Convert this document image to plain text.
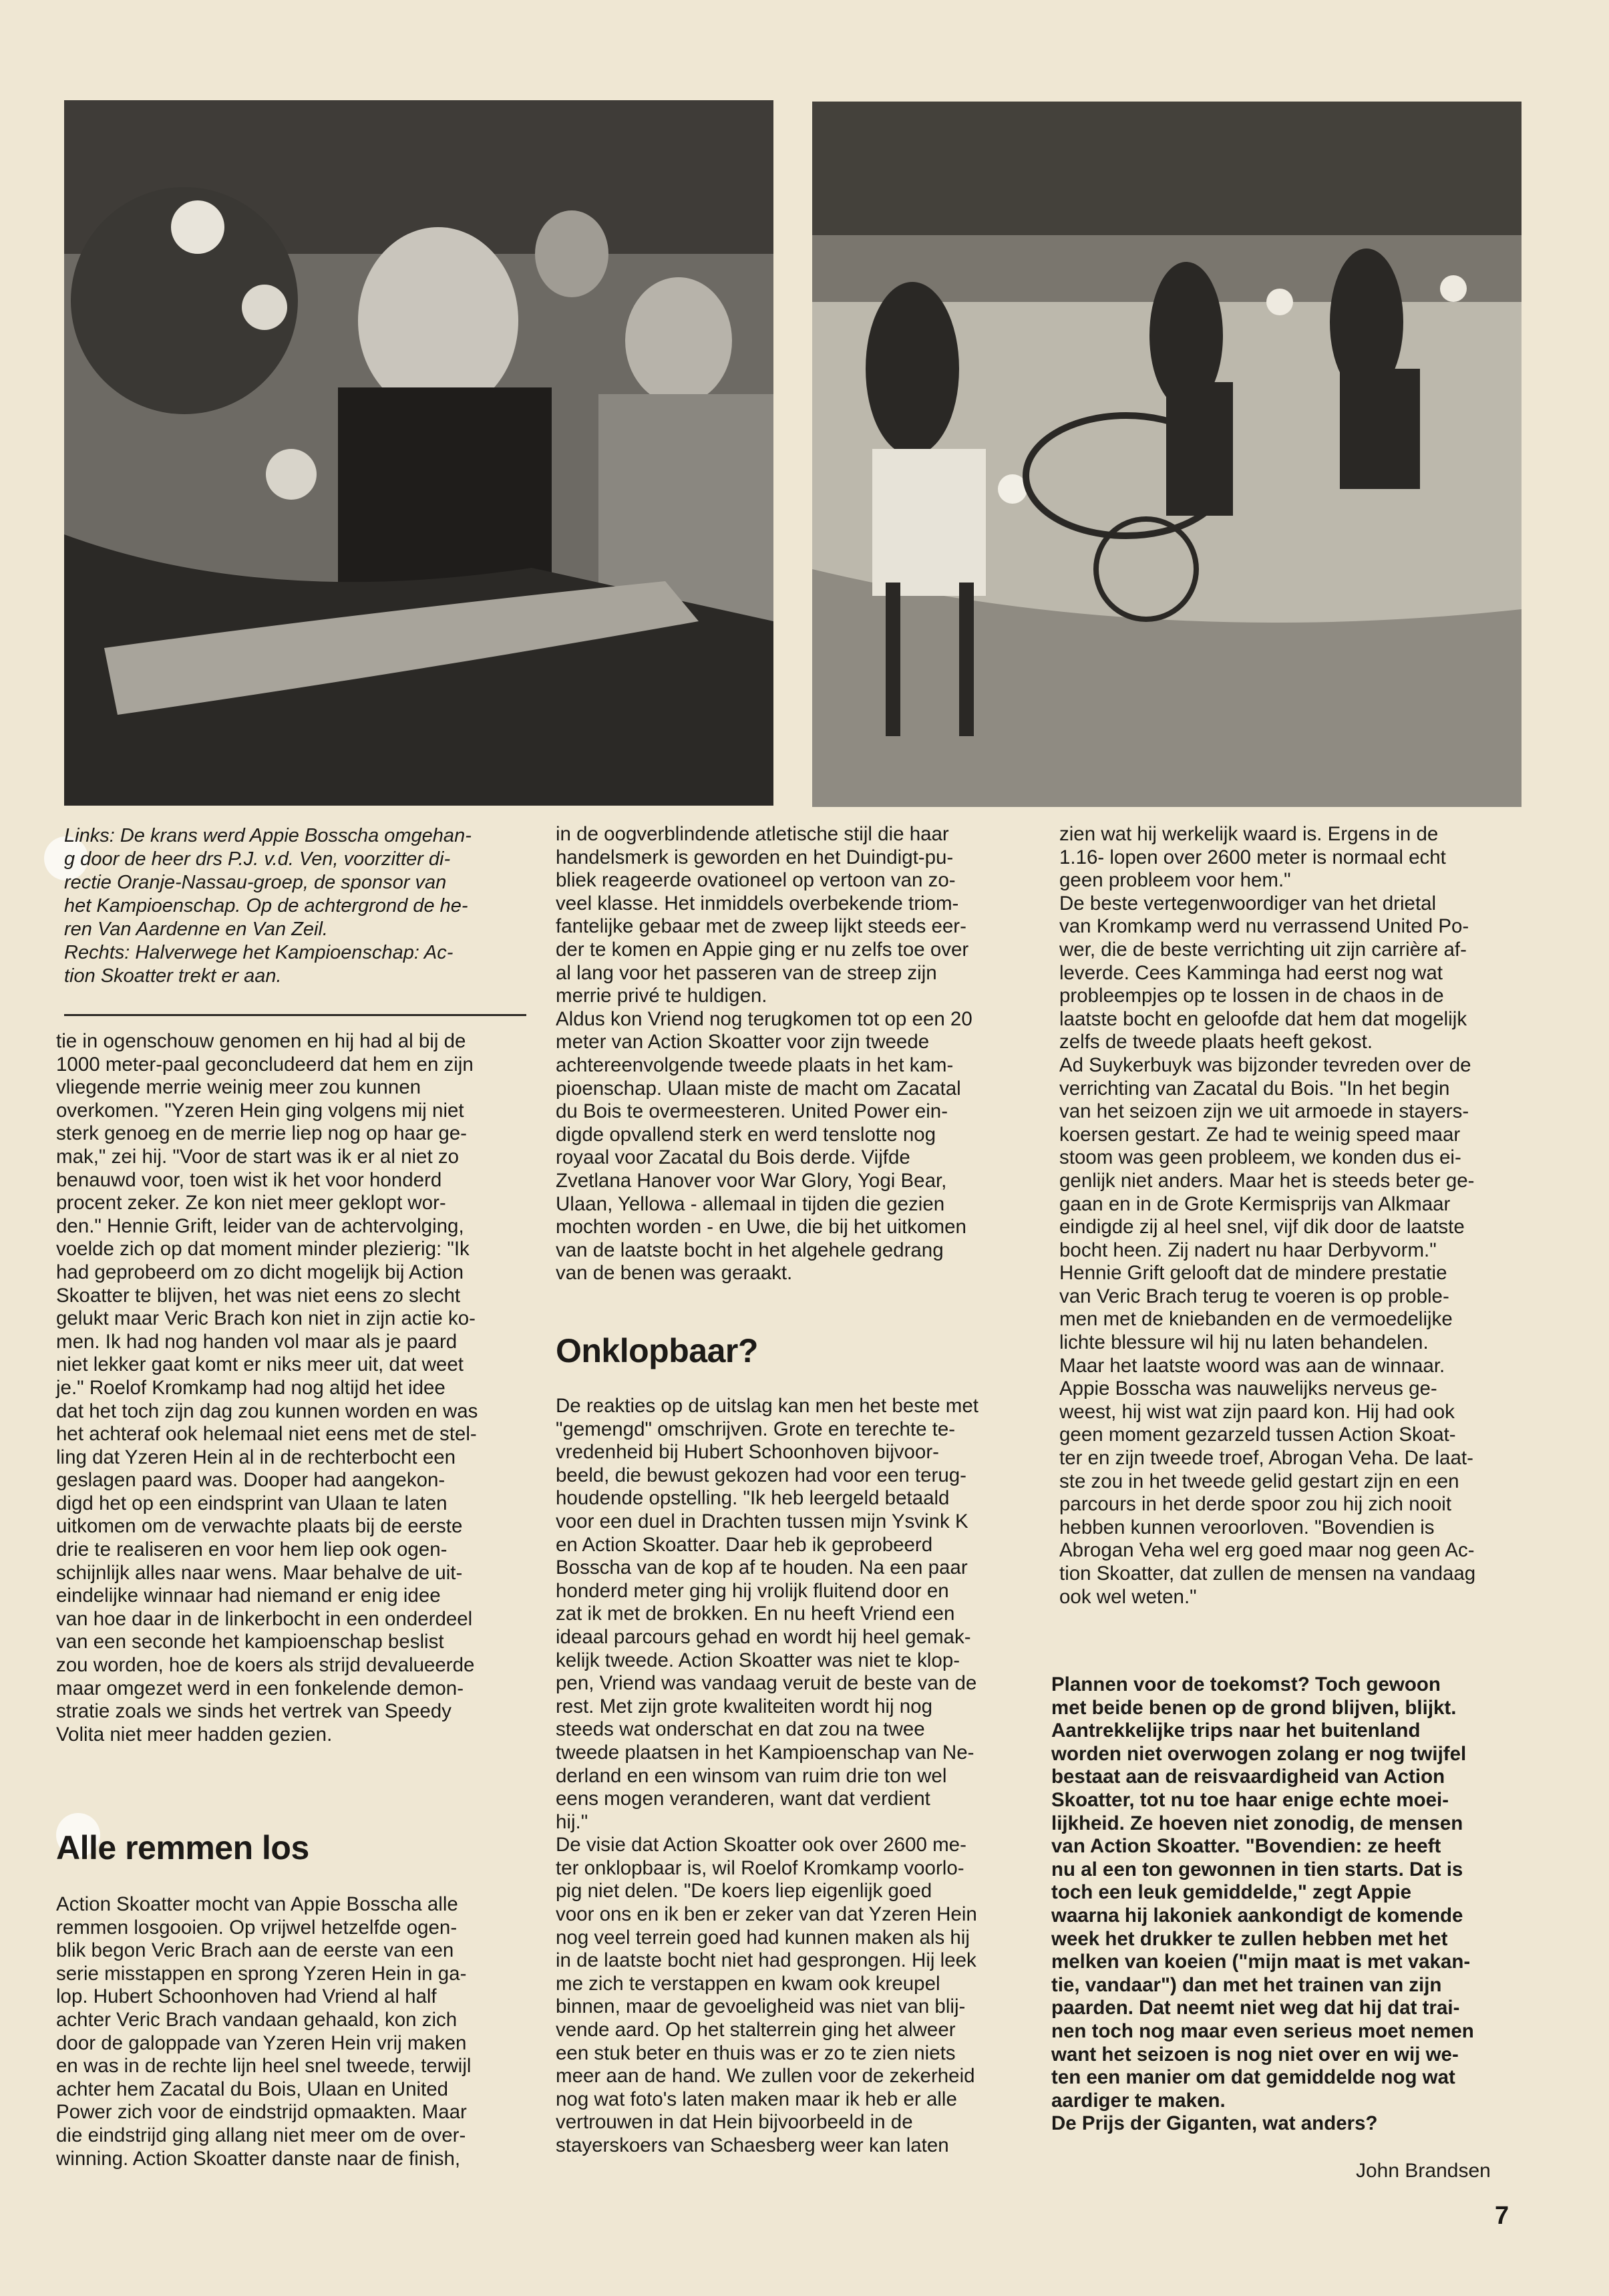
Links: De krans werd Appie Bosscha omgehan-
g door de heer drs P.J. v.d. Ven, voorzitter di-
rectie Oranje-Nassau-groep, de sponsor van
het Kampioenschap. Op de achtergrond de he-
ren Van Aardenne en Van Zeil.
Rechts: Halverwege het Kampioenschap: Ac-
tion Skoatter trekt er aan.

tie in ogenschouw genomen en hij had al bij de
1000 meter-paal geconcludeerd dat hem en zijn
vliegende merrie weinig meer zou kunnen
overkomen. "Yzeren Hein ging volgens mij niet
sterk genoeg en de merrie liep nog op haar ge-
mak," zei hij. "Voor de start was ik er al niet zo
benauwd voor, toen wist ik het voor honderd
procent zeker. Ze kon niet meer geklopt wor-
den." Hennie Grift, leider van de achtervolging,
voelde zich op dat moment minder plezierig: "Ik
had geprobeerd om zo dicht mogelijk bij Action
Skoatter te blijven, het was niet eens zo slecht
gelukt maar Veric Brach kon niet in zijn actie ko-
men. Ik had nog handen vol maar als je paard
niet lekker gaat komt er niks meer uit, dat weet
je." Roelof Kromkamp had nog altijd het idee
dat het toch zijn dag zou kunnen worden en was
het achteraf ook helemaal niet eens met de stel-
ling dat Yzeren Hein al in de rechterbocht een
geslagen paard was. Dooper had aangekon-
digd het op een eindsprint van Ulaan te laten
uitkomen om de verwachte plaats bij de eerste
drie te realiseren en voor hem liep ook ogen-
schijnlijk alles naar wens. Maar behalve de uit-
eindelijke winnaar had niemand er enig idee
van hoe daar in de linkerbocht in een onderdeel
van een seconde het kampioenschap beslist
zou worden, hoe de koers als strijd devalueerde
maar omgezet werd in een fonkelende demon-
stratie zoals we sinds het vertrek van Speedy
Volita niet meer hadden gezien.

Alle remmen los

Action Skoatter mocht van Appie Bosscha alle
remmen losgooien. Op vrijwel hetzelfde ogen-
blik begon Veric Brach aan de eerste van een
serie misstappen en sprong Yzeren Hein in ga-
lop. Hubert Schoonhoven had Vriend al half
achter Veric Brach vandaan gehaald, kon zich
door de galoppade van Yzeren Hein vrij maken
en was in de rechte lijn heel snel tweede, terwijl
achter hem Zacatal du Bois, Ulaan en United
Power zich voor de eindstrijd opmaakten. Maar
die eindstrijd ging allang niet meer om de over-
winning. Action Skoatter danste naar de finish,

in de oogverblindende atletische stijl die haar
handelsmerk is geworden en het Duindigt-pu-
bliek reageerde ovationeel op vertoon van zo-
veel klasse. Het inmiddels overbekende triom-
fantelijke gebaar met de zweep lijkt steeds eer-
der te komen en Appie ging er nu zelfs toe over
al lang voor het passeren van de streep zijn
merrie privé te huldigen.
Aldus kon Vriend nog terugkomen tot op een 20
meter van Action Skoatter voor zijn tweede
achtereenvolgende tweede plaats in het kam-
pioenschap. Ulaan miste de macht om Zacatal
du Bois te overmeesteren. United Power ein-
digde opvallend sterk en werd tenslotte nog
royaal voor Zacatal du Bois derde. Vijfde
Zvetlana Hanover voor War Glory, Yogi Bear,
Ulaan, Yellowa - allemaal in tijden die gezien
mochten worden - en Uwe, die bij het uitkomen
van de laatste bocht in het algehele gedrang
van de benen was geraakt.

Onklopbaar?

De reakties op de uitslag kan men het beste met
"gemengd" omschrijven. Grote en terechte te-
vredenheid bij Hubert Schoonhoven bijvoor-
beeld, die bewust gekozen had voor een terug-
houdende opstelling. "Ik heb leergeld betaald
voor een duel in Drachten tussen mijn Ysvink K
en Action Skoatter. Daar heb ik geprobeerd
Bosscha van de kop af te houden. Na een paar
honderd meter ging hij vrolijk fluitend door en
zat ik met de brokken. En nu heeft Vriend een
ideaal parcours gehad en wordt hij heel gemak-
kelijk tweede. Action Skoatter was niet te klop-
pen, Vriend was vandaag veruit de beste van de
rest. Met zijn grote kwaliteiten wordt hij nog
steeds wat onderschat en dat zou na twee
tweede plaatsen in het Kampioenschap van Ne-
derland en een winsom van ruim drie ton wel
eens mogen veranderen, want dat verdient
hij."
De visie dat Action Skoatter ook over 2600 me-
ter onklopbaar is, wil Roelof Kromkamp voorlo-
pig niet delen. "De koers liep eigenlijk goed
voor ons en ik ben er zeker van dat Yzeren Hein
nog veel terrein goed had kunnen maken als hij
in de laatste bocht niet had gesprongen. Hij leek
me zich te verstappen en kwam ook kreupel
binnen, maar de gevoeligheid was niet van blij-
vende aard. Op het stalterrein ging het alweer
een stuk beter en thuis was er zo te zien niets
meer aan de hand. We zullen voor de zekerheid
nog wat foto's laten maken maar ik heb er alle
vertrouwen in dat Hein bijvoorbeeld in de
stayerskoers van Schaesberg weer kan laten

zien wat hij werkelijk waard is. Ergens in de
1.16- lopen over 2600 meter is normaal echt
geen probleem voor hem."
De beste vertegenwoordiger van het drietal
van Kromkamp werd nu verrassend United Po-
wer, die de beste verrichting uit zijn carrière af-
leverde. Cees Kamminga had eerst nog wat
probleempjes op te lossen in de chaos in de
laatste bocht en geloofde dat hem dat mogelijk
zelfs de tweede plaats heeft gekost.
Ad Suykerbuyk was bijzonder tevreden over de
verrichting van Zacatal du Bois. "In het begin
van het seizoen zijn we uit armoede in stayers-
koersen gestart. Ze had te weinig speed maar
stoom was geen probleem, we konden dus ei-
genlijk niet anders. Maar het is steeds beter ge-
gaan en in de Grote Kermisprijs van Alkmaar
eindigde zij al heel snel, vijf dik door de laatste
bocht heen. Zij nadert nu haar Derbyvorm."
Hennie Grift gelooft dat de mindere prestatie
van Veric Brach terug te voeren is op proble-
men met de kniebanden en de vermoedelijke
lichte blessure wil hij nu laten behandelen.
Maar het laatste woord was aan de winnaar.
Appie Bosscha was nauwelijks nerveus ge-
weest, hij wist wat zijn paard kon. Hij had ook
geen moment gezarzeld tussen Action Skoat-
ter en zijn tweede troef, Abrogan Veha. De laat-
ste zou in het tweede gelid gestart zijn en een
parcours in het derde spoor zou hij zich nooit
hebben kunnen veroorloven. "Bovendien is
Abrogan Veha wel erg goed maar nog geen Ac-
tion Skoatter, dat zullen de mensen na vandaag
ook wel weten."

Plannen voor de toekomst? Toch gewoon
met beide benen op de grond blijven, blijkt.
Aantrekkelijke trips naar het buitenland
worden niet overwogen zolang er nog twijfel
bestaat aan de reisvaardigheid van Action
Skoatter, tot nu toe haar enige echte moei-
lijkheid. Ze hoeven niet zonodig, de mensen
van Action Skoatter. "Bovendien: ze heeft
nu al een ton gewonnen in tien starts. Dat is
toch een leuk gemiddelde," zegt Appie
waarna hij lakoniek aankondigt de komende
week het drukker te zullen hebben met het
melken van koeien ("mijn maat is met vakan-
tie, vandaar") dan met het trainen van zijn
paarden. Dat neemt niet weg dat hij dat trai-
nen toch nog maar even serieus moet nemen
want het seizoen is nog niet over en wij we-
ten een manier om dat gemiddelde nog wat
aardiger te maken.
De Prijs der Giganten, wat anders?

John Brandsen
7
